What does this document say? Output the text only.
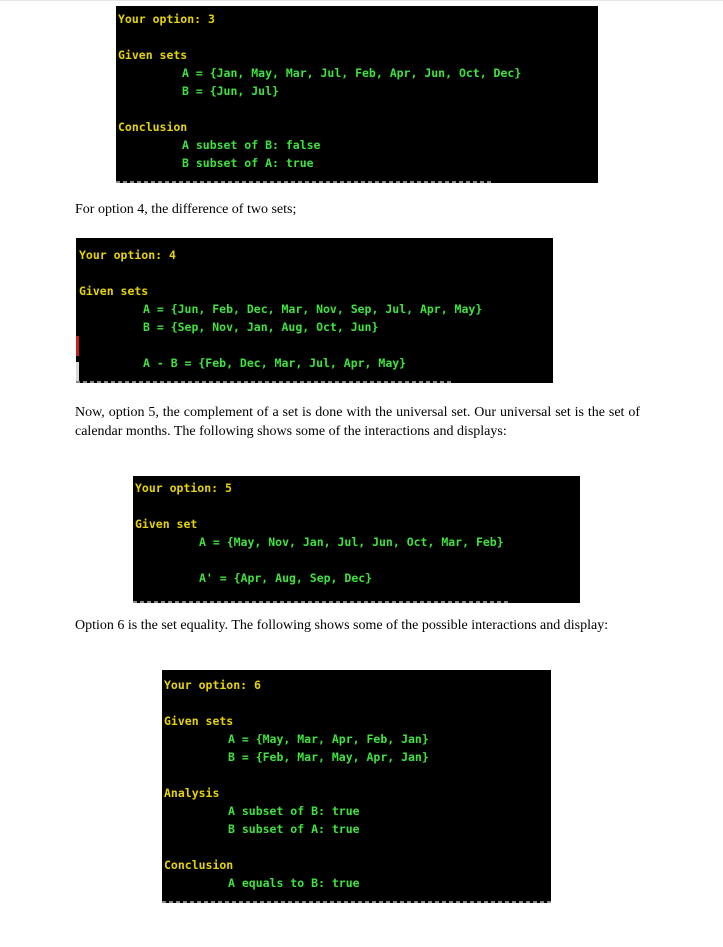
Your option: 3
Given sets
A = {Jan, May, Mar, Jul, Feb, Apr, Jun, Oct, Dec}
B = {Jun, Jul}
Conclusion
A subset of B: false
B subset of A: true
For option 4, the difference of two sets;
Your option: 4
Given sets
A = {Jun, Feb, Dec, Mar, Nov, Sep, Jul, Apr, May}
B = {Sep, Nov, Jan, Aug, Oct, Jun}
A - B = {Feb, Dec, Mar, Jul, Apr, May}
Now, option 5, the complement of a set is done with the universal set. Our universal set is the set of calendar months. The following shows some of the interactions and displays:
Your option: 5
Given set
A = {May, Nov, Jan, Jul, Jun, Oct, Mar, Feb}
A' = {Apr, Aug, Sep, Dec}
Option 6 is the set equality. The following shows some of the possible interactions and display:
Your option: 6
Given sets
A = {May, Mar, Apr, Feb, Jan}
B = {Feb, Mar, May, Apr, Jan}
Analysis
A subset of B: true
B subset of A: true
Conclusion
A equals to B: true
